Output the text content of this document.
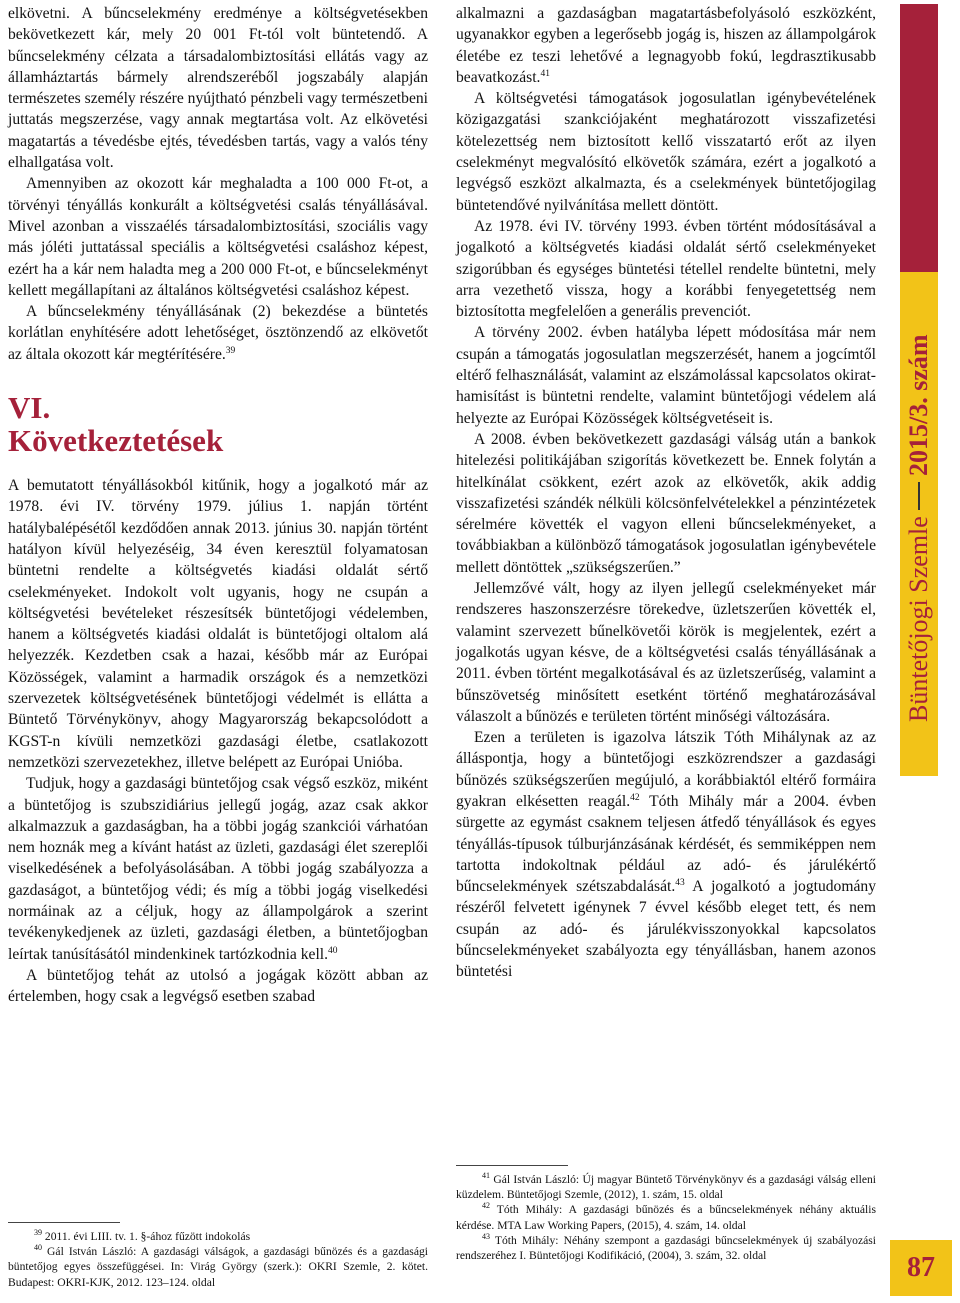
elkövetni. A bűncselekmény eredménye a költségvetésekben bekövetkezett kár, mely 20 001 Ft-tól volt büntetendő. A bűncselekmény célzata a társadalombiztosítási ellátás vagy az államháztartás bármely alrendszeréből jogszabály alapján természetes személy részére nyújtható pénzbeli vagy természetbeni juttatás megszerzése, vagy annak megtartása volt. Az elkövetési magatartás a tévedésbe ejtés, tévedésben tartás, vagy a valós tény elhallgatása volt.

Amennyiben az okozott kár meghaladta a 100 000 Ft-ot, a törvényi tényállás konkurált a költségvetési csalás tényállásával. Mivel azonban a visszaélés társadalombiztosítási, szociális vagy más jóléti juttatással speciális a költségvetési csaláshoz képest, ezért ha a kár nem haladta meg a 200 000 Ft-ot, e bűncselekményt kellett megállapítani az általános költségvetési csaláshoz képest.

A bűncselekmény tényállásának (2) bekezdése a büntetés korlátlan enyhítésére adott lehetőséget, ösztönzendő az elkövetőt az általa okozott kár megtérítésére.$^{39}$

VI.
Következtetések

A bemutatott tényállásokból kitűnik, hogy a jogalkotó már az 1978. évi IV. törvény 1979. július 1. napján történt hatálybalépésétől kezdődően annak 2013. június 30. napján történt hatályon kívül helyezéséig, 34 éven keresztül folyamatosan büntetni rendelte a költségvetés kiadási oldalát sértő cselekményeket. Indokolt volt ugyanis, hogy ne csupán a költségvetési bevételeket részesítsék büntetőjogi védelemben, hanem a költségvetés kiadási oldalát is büntetőjogi oltalom alá helyezzék. Kezdetben csak a hazai, később már az Európai Közösségek, valamint a harmadik országok és a nemzetközi szervezetek költségvetésének büntetőjogi védelmét is ellátta a Büntető Törvénykönyv, ahogy Magyarország bekapcsolódott a KGST-n kívüli nemzetközi gazdasági életbe, csatlakozott nemzetközi szervezetekhez, illetve belépett az Európai Unióba.

Tudjuk, hogy a gazdasági büntetőjog csak végső eszköz, miként a büntetőjog is szubszidiárius jellegű jogág, azaz csak akkor alkalmazzuk a gazdaságban, ha a többi jogág szankciói várhatóan nem hoznák meg a kívánt hatást az üzleti, gazdasági élet szereplői viselkedésének a befolyásolásában. A többi jogág szabályozza a gazdaságot, a büntetőjog védi; és míg a többi jogág viselkedési normáinak az a céljuk, hogy az állampolgárok a szerint tevékenykedjenek az üzleti, gazdasági életben, a büntetőjogban leírtak tanúsításától mindenkinek tartózkodnia kell.$^{40}$

A büntetőjog tehát az utolsó a jogágak között abban az értelemben, hogy csak a legvégső esetben szabad

alkalmazni a gazdaságban magatartásbefolyásoló eszközként, ugyanakkor egyben a legerősebb jogág is, hiszen az állampolgárok életébe ez teszi lehetővé a legnagyobb fokú, legdrasztikusabb beavatkozást.$^{41}$

A költségvetési támogatások jogosulatlan igénybevételének közigazgatási szankciójaként meghatározott visszafizetési kötelezettség nem biztosított kellő visszatartó erőt az ilyen cselekményt megvalósító elkövetők számára, ezért a jogalkotó a legvégső eszközt alkalmazta, és a cselekmények büntetőjogilag büntetendővé nyilvánítása mellett döntött.

Az 1978. évi IV. törvény 1993. évben történt módosításával a jogalkotó a költségvetés kiadási oldalát sértő cselekményeket szigorúbban és egységes büntetési tétellel rendelte büntetni, mely arra vezethető vissza, hogy a korábbi fenyegetettség nem biztosította megfelelően a generális prevenciót.

A törvény 2002. évben hatályba lépett módosítása már nem csupán a támogatás jogosulatlan megszerzését, hanem a jogcímtől eltérő felhasználását, valamint az elszámolással kapcsolatos okirat-hamisítást is büntetni rendelte, valamint büntetőjogi védelem alá helyezte az Európai Közösségek költségvetéseit is.

A 2008. évben bekövetkezett gazdasági válság után a bankok hitelezési politikájában szigorítás következett be. Ennek folytán a hitelkínálat csökkent, ezért azok az elkövetők, akik addig visszafizetési szándék nélküli kölcsönfelvételekkel a pénzintézetek sérelmére követték el vagyon elleni bűncselekményeket, a továbbiakban a különböző támogatások jogosulatlan igénybevétele mellett döntöttek „szükségszerűen.”

Jellemzővé vált, hogy az ilyen jellegű cselekményeket már rendszeres haszonszerzésre törekedve, üzletszerűen követték el, valamint szervezett bűnelkövetői körök is megjelentek, ezért a jogalkotás ugyan késve, de a költségvetési csalás tényállásának a 2011. évben történt megalkotásával és az üzletszerűség, valamint a bűnszövetség minősített esetként történő meghatározásával válaszolt a bűnözés e területen történt minőségi változására.

Ezen a területen is igazolva látszik Tóth Mihálynak az az álláspontja, hogy a büntetőjogi eszközrendszer a gazdasági bűnözés szükségszerűen megújuló, a korábbiaktól eltérő formáira gyakran elkésetten reagál.$^{42}$ Tóth Mihály már a 2004. évben sürgette az egymást csaknem teljesen átfedő tényállások és egyes tényállás-típusok túlburjánzásának kérdését, és semmiképpen nem tartotta indokoltnak például az adó- és járulékértő bűncselekmények szétszabdalását.$^{43}$ A jogalkotó a jogtudomány részéről felvetett igénynek 7 évvel később eleget tett, és nem csupán az adó- és járulékvisszonyokkal kapcsolatos bűncselekményeket szabályozta egy tényállásban, hanem azonos büntetési

$^{39}$ 2011. évi LIII. tv. 1. §-ához fűzött indokolás

$^{40}$ Gál István László: A gazdasági válságok, a gazdasági bűnözés és a gazdasági büntetőjog egyes összefüggései. In: Virág György (szerk.): OKRI Szemle, 2. kötet. Budapest: OKRI-KJK, 2012. 123–124. oldal

$^{41}$ Gál István László: Új magyar Büntető Törvénykönyv és a gazdasági válság elleni küzdelem. Büntetőjogi Szemle, (2012), 1. szám, 15. oldal

$^{42}$ Tóth Mihály: A gazdasági bűnözés és a bűncselekmények néhány aktuális kérdése. MTA Law Working Papers, (2015), 4. szám, 14. oldal

$^{43}$ Tóth Mihály: Néhány szempont a gazdasági bűncselekmények új szabályozási rendszeréhez I. Büntetőjogi Kodifikáció, (2004), 3. szám, 32. oldal

Büntetőjogi Szemle
2015/3. szám
87
